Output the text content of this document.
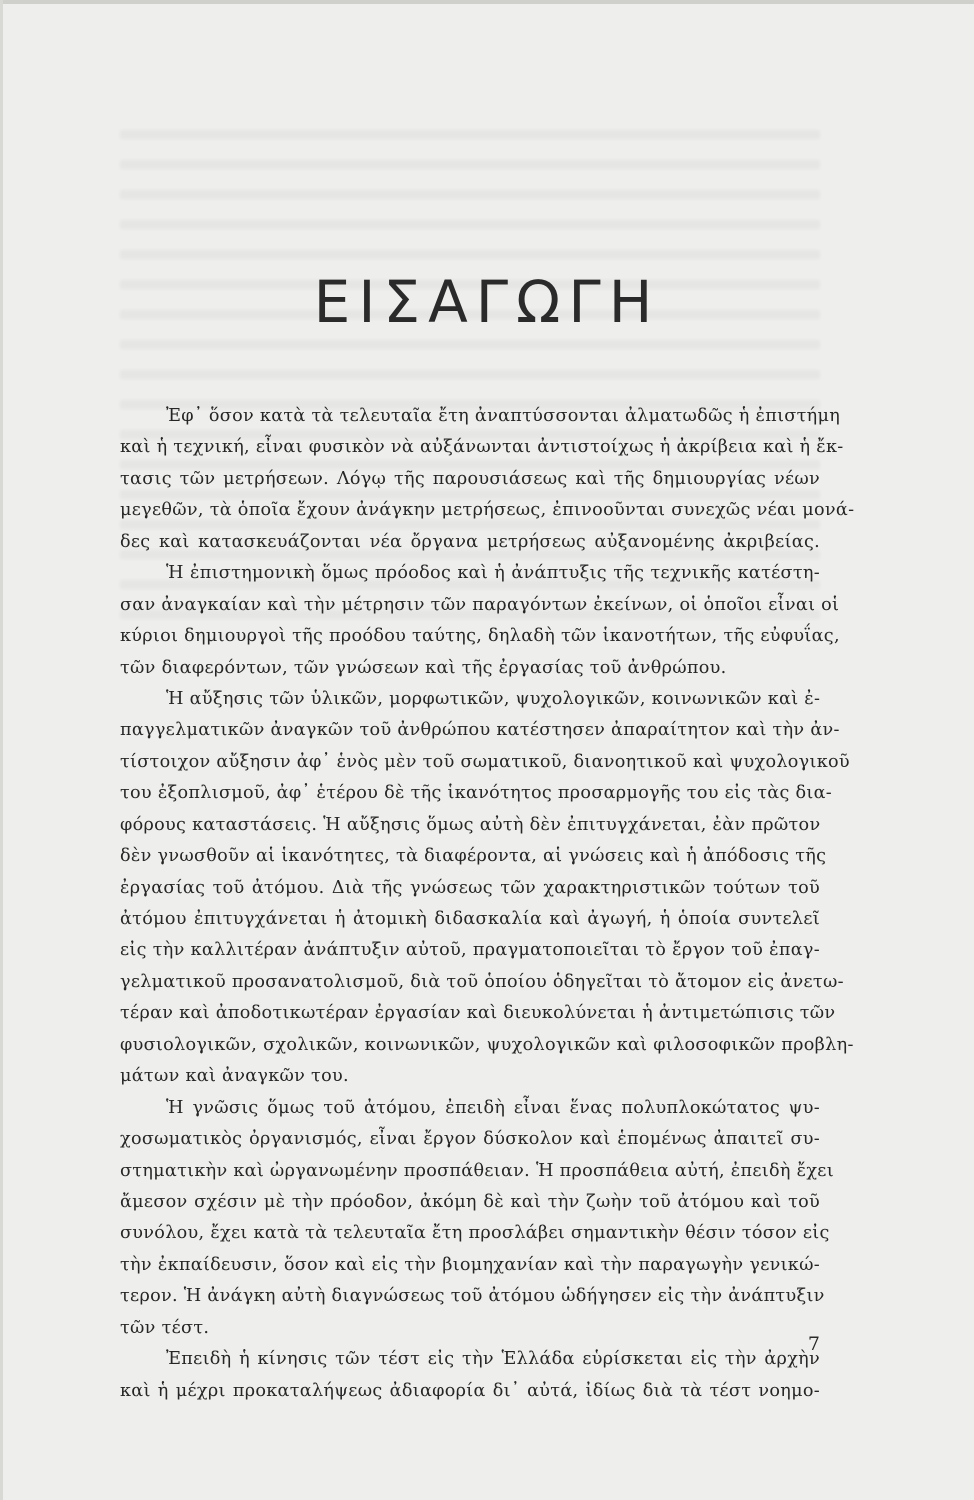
ΕΙΣΑΓΩΓΗ
Ἐφ᾽ ὅσον κατὰ τὰ τελευταῖα ἔτη ἀναπτύσσονται ἀλματωδῶς ἡ ἐπιστήμη
καὶ ἡ τεχνική, εἶναι φυσικὸν νὰ αὐξάνωνται ἀντιστοίχως ἡ ἀκρίβεια καὶ ἡ ἔκ-
τασις τῶν μετρήσεων. Λόγῳ τῆς παρουσιάσεως καὶ τῆς δημιουργίας νέων
μεγεθῶν, τὰ ὁποῖα ἔχουν ἀνάγκην μετρήσεως, ἐπινοοῦνται συνεχῶς νέαι μονά-
δες καὶ κατασκευάζονται νέα ὄργανα μετρήσεως αὐξανομένης ἀκριβείας.
Ἡ ἐπιστημονικὴ ὅμως πρόοδος καὶ ἡ ἀνάπτυξις τῆς τεχνικῆς κατέστη-
σαν ἀναγκαίαν καὶ τὴν μέτρησιν τῶν παραγόντων ἐκείνων, οἱ ὁποῖοι εἶναι οἱ
κύριοι δημιουργοὶ τῆς προόδου ταύτης, δηλαδὴ τῶν ἱκανοτήτων, τῆς εὐφυΐας,
τῶν διαφερόντων, τῶν γνώσεων καὶ τῆς ἐργασίας τοῦ ἀνθρώπου.
Ἡ αὔξησις τῶν ὑλικῶν, μορφωτικῶν, ψυχολογικῶν, κοινωνικῶν καὶ ἐ-
παγγελματικῶν ἀναγκῶν τοῦ ἀνθρώπου κατέστησεν ἀπαραίτητον καὶ τὴν ἀν-
τίστοιχον αὔξησιν ἀφ᾽ ἑνὸς μὲν τοῦ σωματικοῦ, διανοητικοῦ καὶ ψυχολογικοῦ
του ἐξοπλισμοῦ, ἀφ᾽ ἑτέρου δὲ τῆς ἱκανότητος προσαρμογῆς του εἰς τὰς δια-
φόρους καταστάσεις. Ἡ αὔξησις ὅμως αὐτὴ δὲν ἐπιτυγχάνεται, ἐὰν πρῶτον
δὲν γνωσθοῦν αἱ ἱκανότητες, τὰ διαφέροντα, αἱ γνώσεις καὶ ἡ ἀπόδοσις τῆς
ἐργασίας τοῦ ἀτόμου. Διὰ τῆς γνώσεως τῶν χαρακτηριστικῶν τούτων τοῦ
ἀτόμου ἐπιτυγχάνεται ἡ ἀτομικὴ διδασκαλία καὶ ἀγωγή, ἡ ὁποία συντελεῖ
εἰς τὴν καλλιτέραν ἀνάπτυξιν αὐτοῦ, πραγματοποιεῖται τὸ ἔργον τοῦ ἐπαγ-
γελματικοῦ προσανατολισμοῦ, διὰ τοῦ ὁποίου ὁδηγεῖται τὸ ἄτομον εἰς ἀνετω-
τέραν καὶ ἀποδοτικωτέραν ἐργασίαν καὶ διευκολύνεται ἡ ἀντιμετώπισις τῶν
φυσιολογικῶν, σχολικῶν, κοινωνικῶν, ψυχολογικῶν καὶ φιλοσοφικῶν προβλη-
μάτων καὶ ἀναγκῶν του.
Ἡ γνῶσις ὅμως τοῦ ἀτόμου, ἐπειδὴ εἶναι ἕνας πολυπλοκώτατος ψυ-
χοσωματικὸς ὀργανισμός, εἶναι ἔργον δύσκολον καὶ ἑπομένως ἀπαιτεῖ συ-
στηματικὴν καὶ ὠργανωμένην προσπάθειαν. Ἡ προσπάθεια αὐτή, ἐπειδὴ ἔχει
ἄμεσον σχέσιν μὲ τὴν πρόοδον, ἀκόμη δὲ καὶ τὴν ζωὴν τοῦ ἀτόμου καὶ τοῦ
συνόλου, ἔχει κατὰ τὰ τελευταῖα ἔτη προσλάβει σημαντικὴν θέσιν τόσον εἰς
τὴν ἐκπαίδευσιν, ὅσον καὶ εἰς τὴν βιομηχανίαν καὶ τὴν παραγωγὴν γενικώ-
τερον. Ἡ ἀνάγκη αὐτὴ διαγνώσεως τοῦ ἀτόμου ὡδήγησεν εἰς τὴν ἀνάπτυξιν
τῶν τέστ.
Ἐπειδὴ ἡ κίνησις τῶν τέστ εἰς τὴν Ἑλλάδα εὑρίσκεται εἰς τὴν ἀρχὴν
καὶ ἡ μέχρι προκαταλήψεως ἀδιαφορία δι᾽ αὐτά, ἰδίως διὰ τὰ τέστ νοημο-
7
